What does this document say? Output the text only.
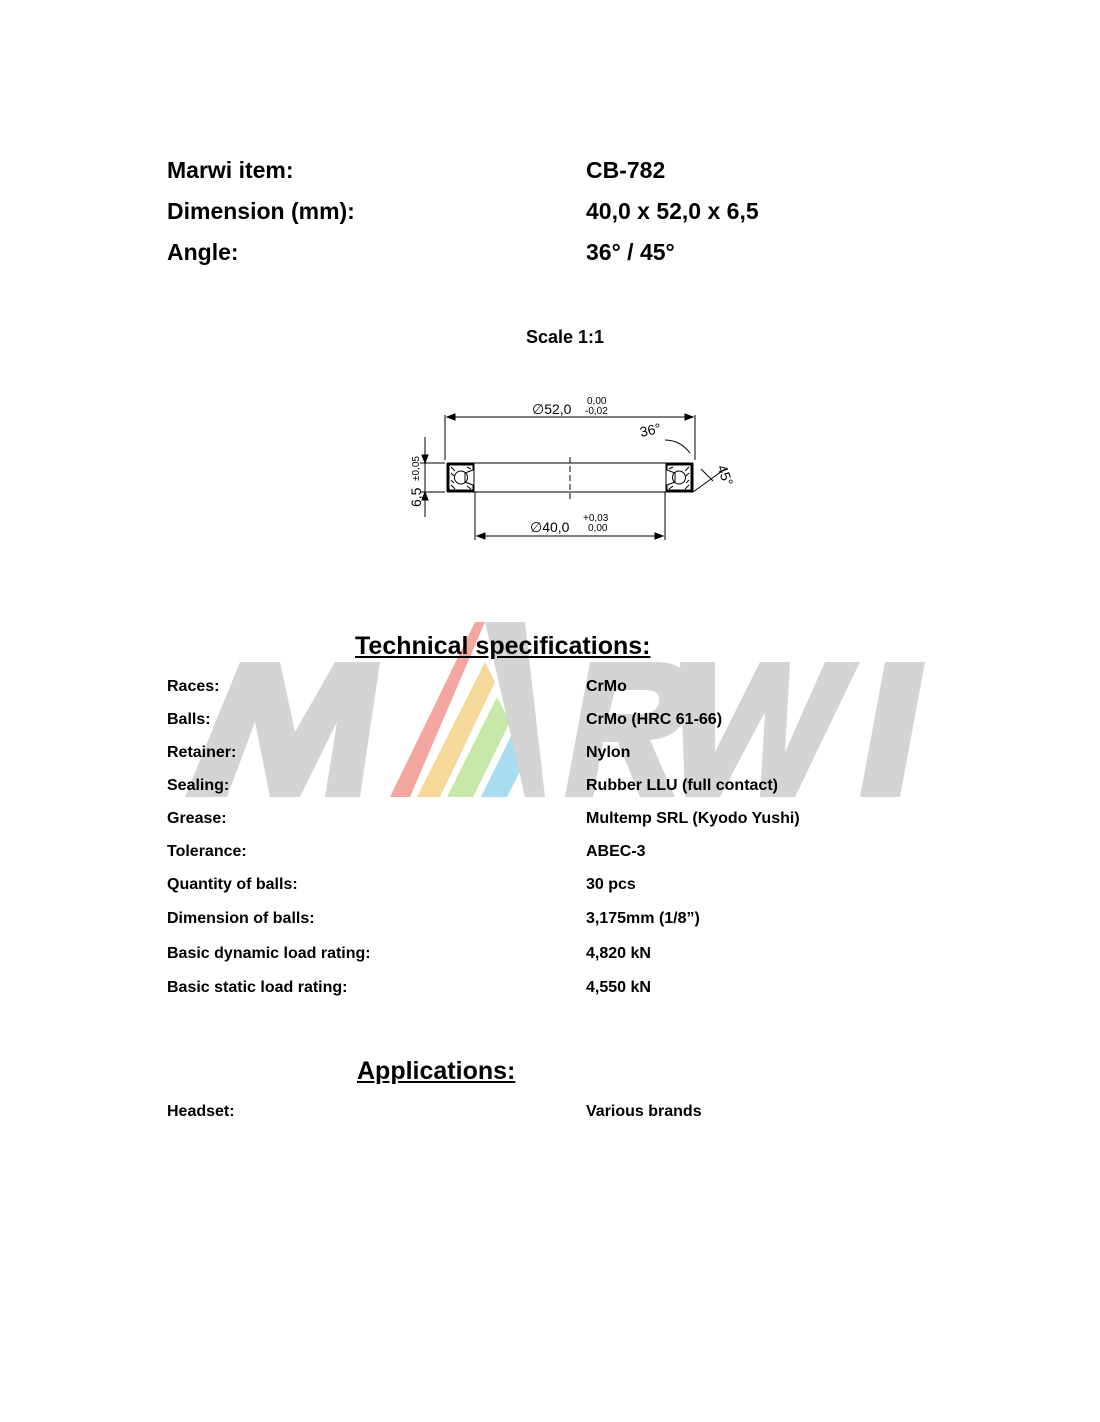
Marwi item:	CB-782
Dimension (mm):	40,0 x 52,0 x 6,5
Angle:	36° / 45°
Scale 1:1
∅52,0 0,00
-0,02
36°
45°
6,5
±0,05
∅40,0
+0,03
0,00
Technical specifications:
Races:	CrMo
Balls:	CrMo (HRC 61-66)
Retainer:	Nylon
Sealing:	Rubber LLU (full contact)
Grease:	Multemp SRL (Kyodo Yushi)
Tolerance:	ABEC-3
Quantity of balls:	30 pcs
Dimension of balls:	3,175mm (1/8”)
Basic dynamic load rating:	4,820 kN
Basic static load rating:	4,550 kN
Applications:
Headset:	Various brands
